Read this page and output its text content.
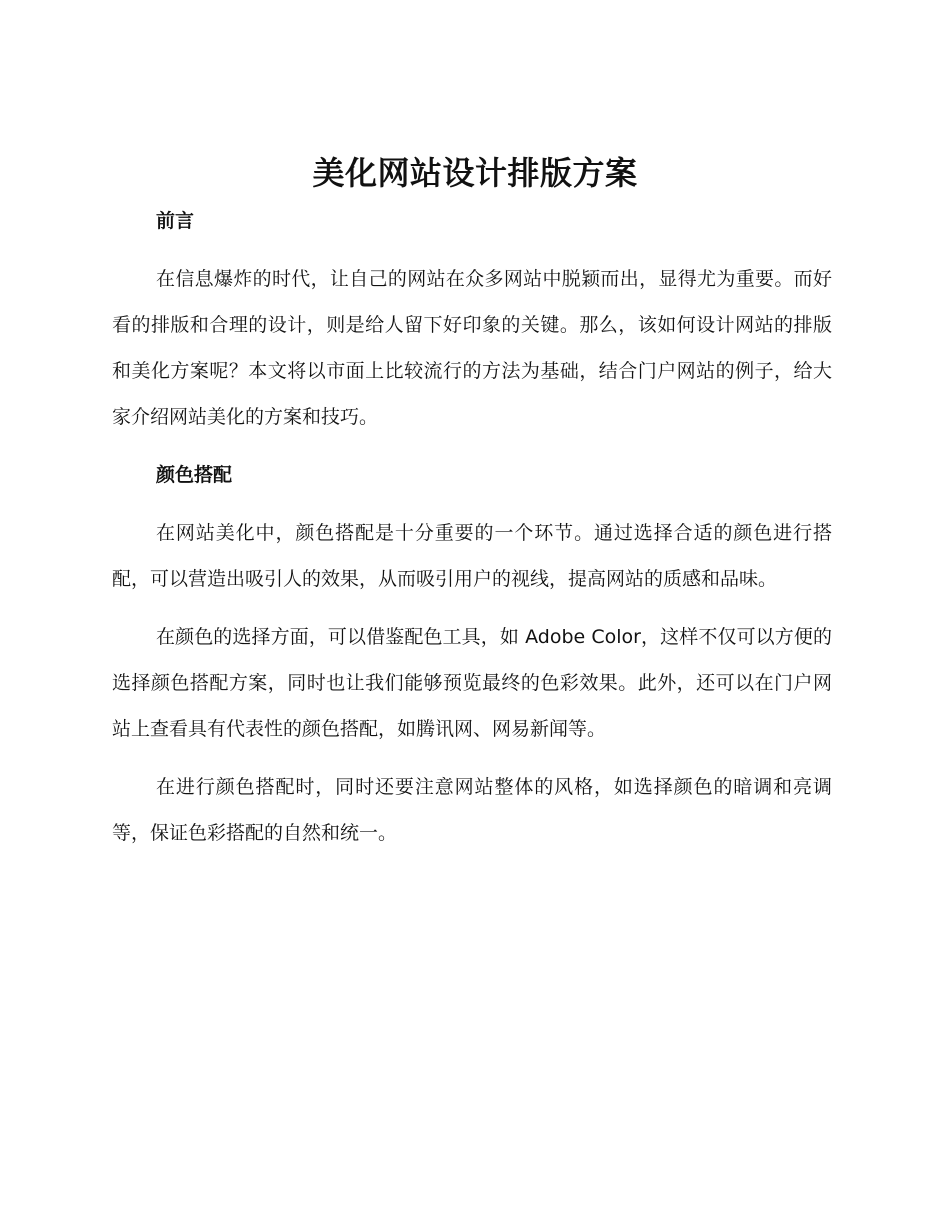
美化网站设计排版方案
前言

在信息爆炸的时代，让自己的网站在众多网站中脱颖而出，显得尤为重要。而好看的排版和合理的设计，则是给人留下好印象的关键。那么，该如何设计网站的排版和美化方案呢？本文将以市面上比较流行的方法为基础，结合门户网站的例子，给大家介绍网站美化的方案和技巧。

颜色搭配

在网站美化中，颜色搭配是十分重要的一个环节。通过选择合适的颜色进行搭配，可以营造出吸引人的效果，从而吸引用户的视线，提高网站的质感和品味。

在颜色的选择方面，可以借鉴配色工具，如 Adobe Color，这样不仅可以方便的选择颜色搭配方案，同时也让我们能够预览最终的色彩效果。此外，还可以在门户网站上查看具有代表性的颜色搭配，如腾讯网、网易新闻等。

在进行颜色搭配时，同时还要注意网站整体的风格，如选择颜色的暗调和亮调等，保证色彩搭配的自然和统一。
